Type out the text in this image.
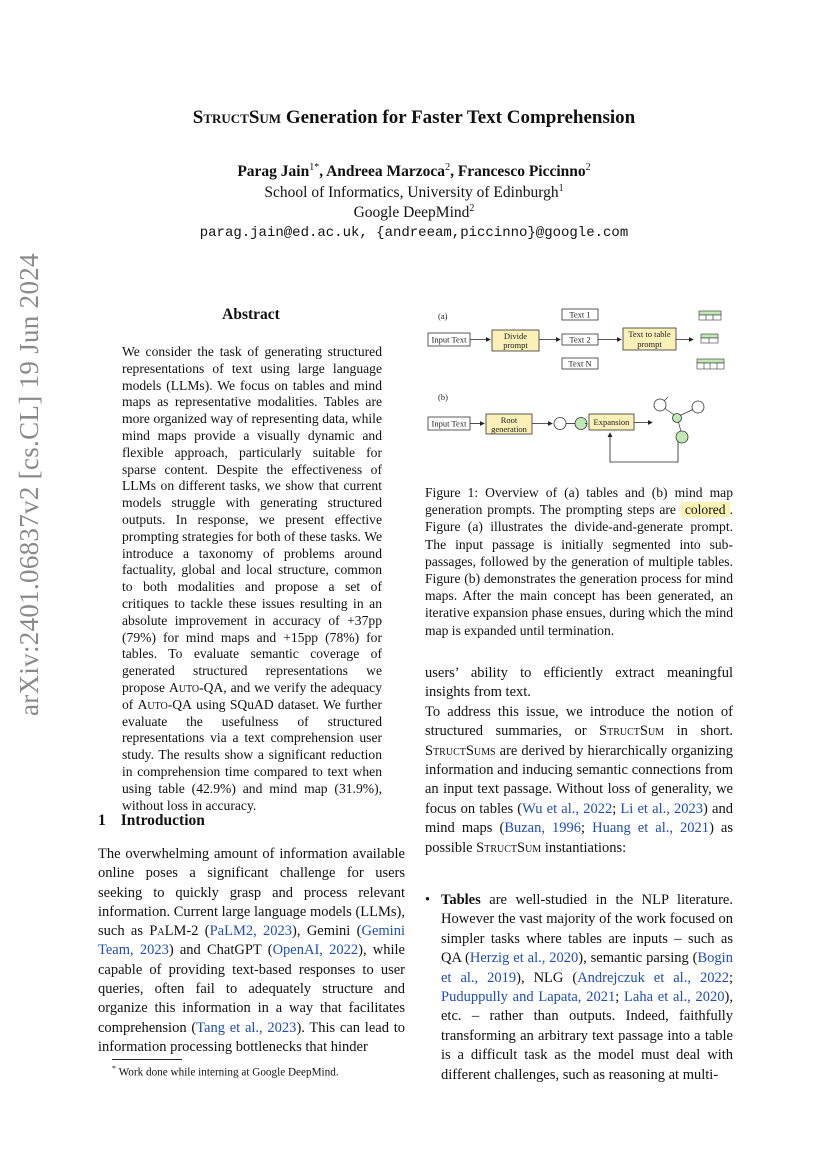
arXiv:2401.06837v2 [cs.CL] 19 Jun 2024
StructSum Generation for Faster Text Comprehension
Parag Jain$^{1*}$, Andreea Marzoca$^2$, Francesco Piccinno$^2$
School of Informatics, University of Edinburgh$^1$
Google DeepMind$^2$
parag.jain@ed.ac.uk, {andreeam,piccinno}@google.com
Abstract
We consider the task of generating structured representations of text using large language models (LLMs). We focus on tables and mind maps as representative modalities. Tables are more organized way of representing data, while mind maps provide a visually dynamic and flexible approach, particularly suitable for sparse content. Despite the effectiveness of LLMs on different tasks, we show that current models struggle with generating structured outputs. In response, we present effective prompting strategies for both of these tasks. We introduce a taxonomy of problems around factuality, global and local structure, common to both modalities and propose a set of critiques to tackle these issues resulting in an absolute improvement in accuracy of +37pp (79%) for mind maps and +15pp (78%) for tables. To evaluate semantic coverage of generated structured representations we propose Auto-QA, and we verify the adequacy of Auto-QA using SQuAD dataset. We further evaluate the usefulness of structured representations via a text comprehension user study. The results show a significant reduction in comprehension time compared to text when using table (42.9%) and mind map (31.9%), without loss in accuracy.
1 Introduction
The overwhelming amount of information available online poses a significant challenge for users seeking to quickly grasp and process relevant information. Current large language models (LLMs), such as PaLM-2 (PaLM2, 2023), Gemini (Gemini Team, 2023) and ChatGPT (OpenAI, 2022), while capable of providing text-based responses to user queries, often fail to adequately structure and organize this information in a way that facilitates comprehension (Tang et al., 2023). This can lead to information processing bottlenecks that hinder
* Work done while interning at Google DeepMind.
(a)
Input Text	Divide
prompt
Text 1
Text 2
Text N
Text to table
prompt
(b)
Input Text	Root
generation
Expansion
Figure 1: Overview of (a) tables and (b) mind map generation prompts. The prompting steps are colored . Figure (a) illustrates the divide-and-generate prompt. The input passage is initially segmented into sub-passages, followed by the generation of multiple tables. Figure (b) demonstrates the generation process for mind maps. After the main concept has been generated, an iterative expansion phase ensues, during which the mind map is expanded until termination.

users’ ability to efficiently extract meaningful insights from text.

To address this issue, we introduce the notion of structured summaries, or StructSum in short. StructSums are derived by hierarchically organizing information and inducing semantic connections from an input text passage. Without loss of generality, we focus on tables (Wu et al., 2022; Li et al., 2023) and mind maps (Buzan, 1996; Huang et al., 2021) as possible StructSum instantiations:

• Tables are well-studied in the NLP literature. However the vast majority of the work focused on simpler tasks where tables are inputs – such as QA (Herzig et al., 2020), semantic parsing (Bogin et al., 2019), NLG (Andrejczuk et al., 2022; Puduppully and Lapata, 2021; Laha et al., 2020), etc. – rather than outputs. Indeed, faithfully transforming an arbitrary text passage into a table is a difficult task as the model must deal with different challenges, such as reasoning at multi-
